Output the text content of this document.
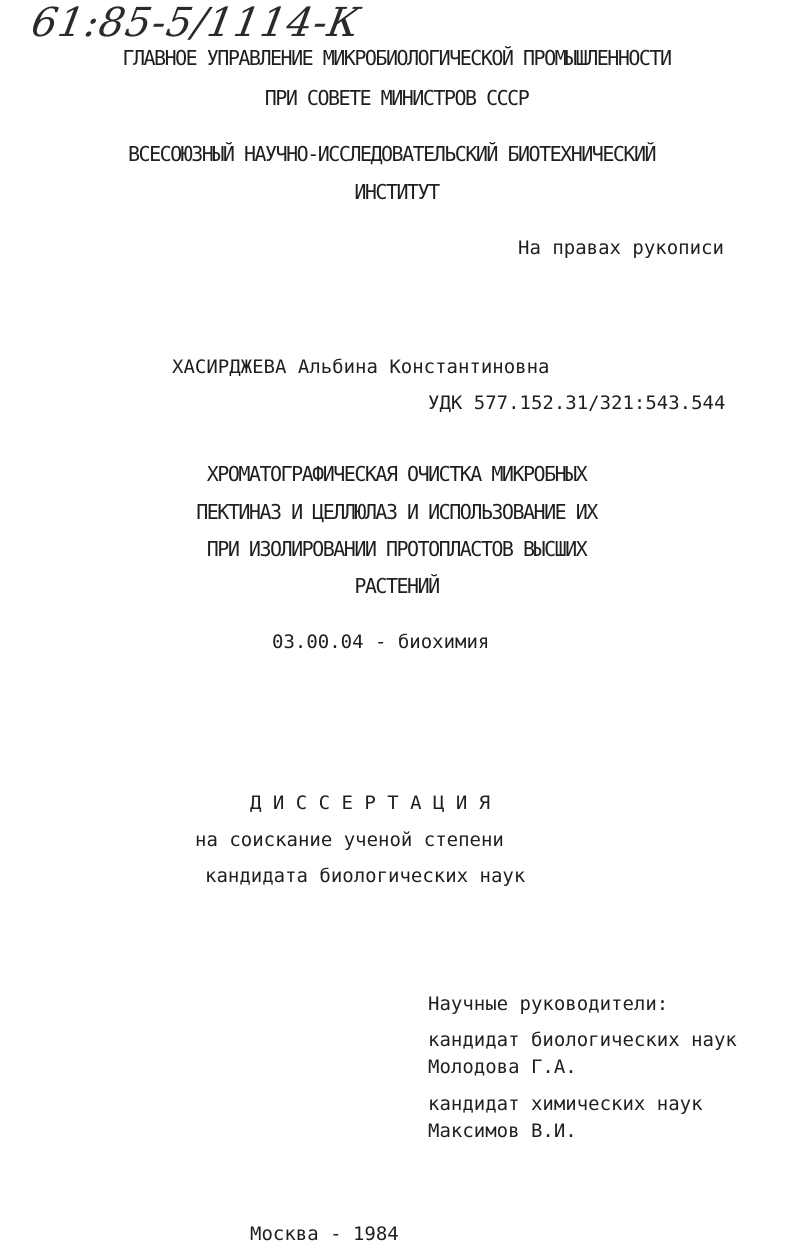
61:85-5/1114-К
ГЛАВНОЕ УПРАВЛЕНИЕ МИКРОБИОЛОГИЧЕСКОЙ ПРОМЫШЛЕННОСТИ
ПРИ СОВЕТЕ МИНИСТРОВ СССР
ВСЕСОЮЗНЫЙ НАУЧНО-ИССЛЕДОВАТЕЛЬСКИЙ БИОТЕХНИЧЕСКИЙ
ИНСТИТУТ
На правах рукописи
ХАСИРДЖЕВА Альбина Константиновна
УДК 577.152.31/321:543.544
ХРОМАТОГРАФИЧЕСКАЯ ОЧИСТКА МИКРОБНЫХ
ПЕКТИНАЗ И ЦЕЛЛЮЛАЗ И ИСПОЛЬЗОВАНИЕ ИХ
ПРИ ИЗОЛИРОВАНИИ ПРОТОПЛАСТОВ ВЫСШИХ
РАСТЕНИЙ
03.00.04 - биохимия
Д И С С Е Р Т А Ц И Я
на соискание ученой степени
кандидата биологических наук
Научные руководители:
кандидат биологических наук
Молодова Г.А.
кандидат химических наук
Максимов В.И.
Москва - 1984
